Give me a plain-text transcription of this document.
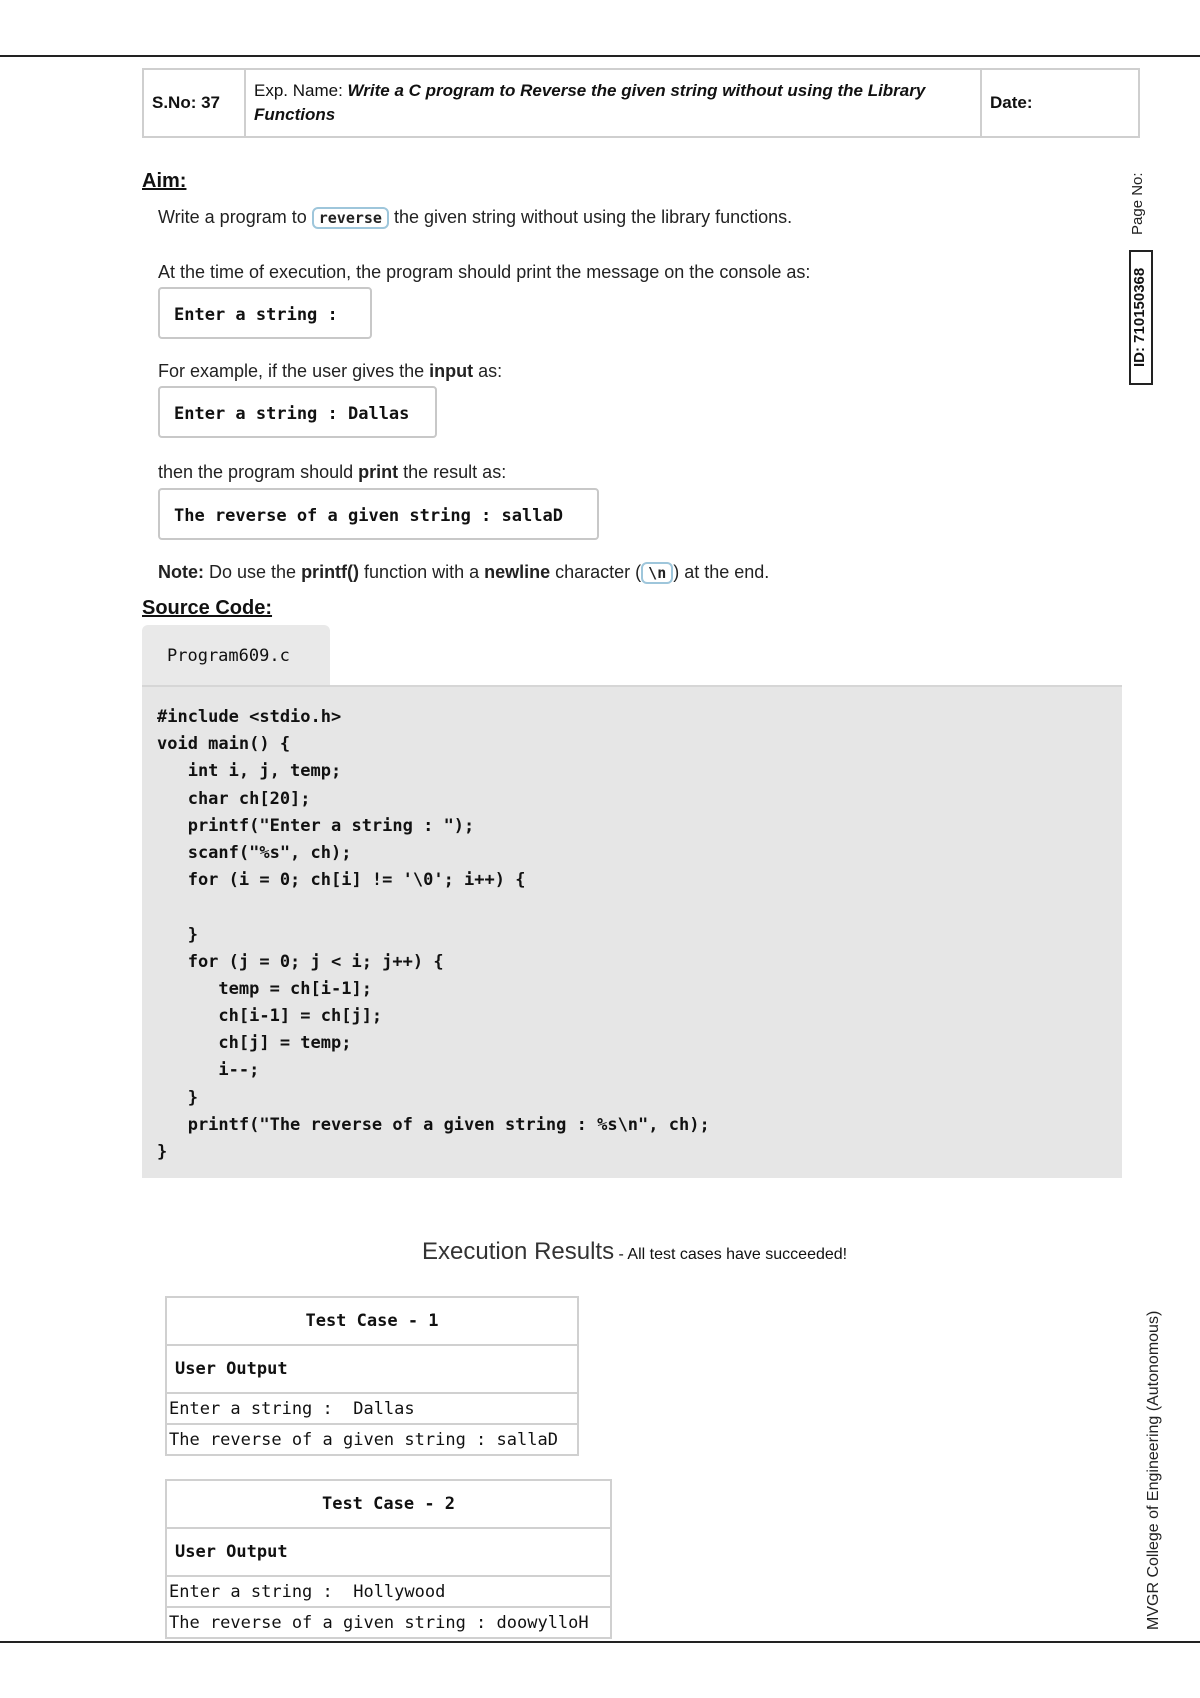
S.No: 37	Exp. Name: Write a C program to Reverse the given string without using the Library Functions	Date:
Page No:
ID: 710150368
MVGR College of Engineering (Autonomous)
Aim:
Write a program to reverse the given string without using the library functions.
At the time of execution, the program should print the message on the console as:
Enter a string :
For example, if the user gives the input as:
Enter a string : Dallas
then the program should print the result as:
The reverse of a given string : sallaD
Note: Do use the printf() function with a newline character ( \n ) at the end.
Source Code:
Program609.c
#include <stdio.h>
void main() {
int i, j, temp;
char ch[20];
printf("Enter a string : ");
scanf("%s", ch);
for (i = 0; ch[i] != '\0'; i++) {
}
for (j = 0; j < i; j++) {
temp = ch[i-1];
ch[i-1] = ch[j];
ch[j] = temp;
i--;
}
printf("The reverse of a given string : %s\n", ch);
}
Execution Results - All test cases have succeeded!
Test Case - 1
User Output
Enter a string :  Dallas
The reverse of a given string : sallaD
Test Case - 2
User Output
Enter a string :  Hollywood
The reverse of a given string : doowylloH
